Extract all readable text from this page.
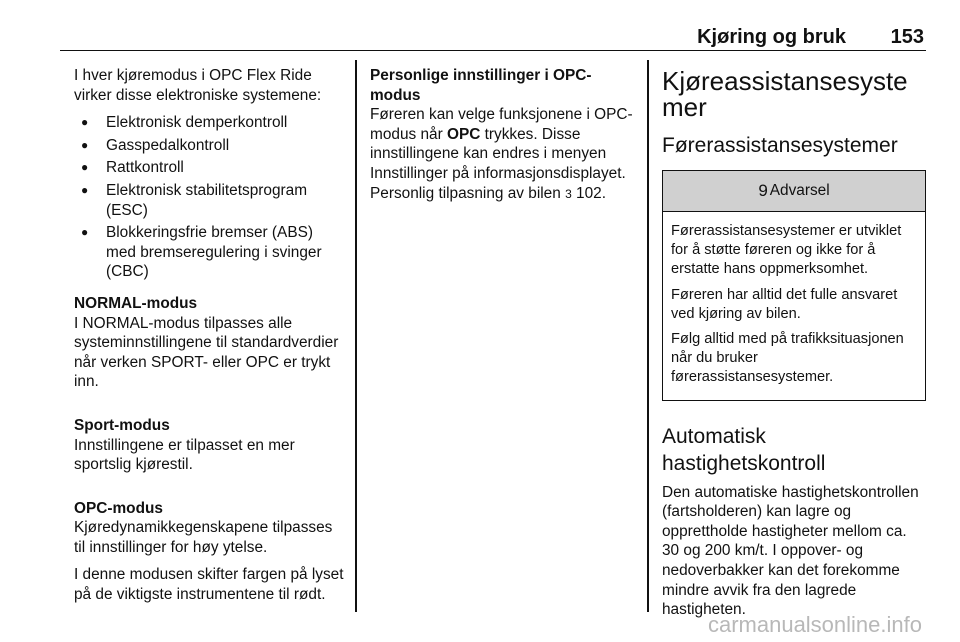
Kjøring og bruk 153

I hver kjøremodus i OPC Flex Ride virker disse elektroniske systemene:

● Elektronisk demperkontroll
● Gasspedalkontroll
● Rattkontroll
● Elektronisk stabilitetsprogram (ESC)
● Blokkeringsfrie bremser (ABS) med bremseregulering i svinger (CBC)
NORMAL-modus

I NORMAL-modus tilpasses alle systeminnstillingene til standardverdier når verken SPORT- eller OPC er trykt inn.

Sport-modus

Innstillingene er tilpasset en mer sportslig kjørestil.

OPC-modus

Kjøredynamikkegenskapene tilpasses til innstillinger for høy ytelse.

I denne modusen skifter fargen på lyset på de viktigste instrumentene til rødt.

Personlige innstillinger i OPC-modus

Føreren kan velge funksjonene i OPC-modus når OPC trykkes. Disse innstillingene kan endres i menyen Innstillinger på informasjonsdisplayet. Personlig tilpasning av bilen 3 102.

Kjøreassistansesystemer
Førerassistansesystemer
9 Advarsel

Førerassistansesystemer er utviklet for å støtte føreren og ikke for å erstatte hans oppmerksomhet.

Føreren har alltid det fulle ansvaret ved kjøring av bilen.

Følg alltid med på trafikksituasjonen når du bruker førerassistansesystemer.

Automatisk hastighetskontroll

Den automatiske hastighetskontrollen (fartsholderen) kan lagre og opprettholde hastigheter mellom ca. 30 og 200 km/t. I oppover- og nedoverbakker kan det forekomme mindre avvik fra den lagrede hastigheten.

carmanualsonline.info
